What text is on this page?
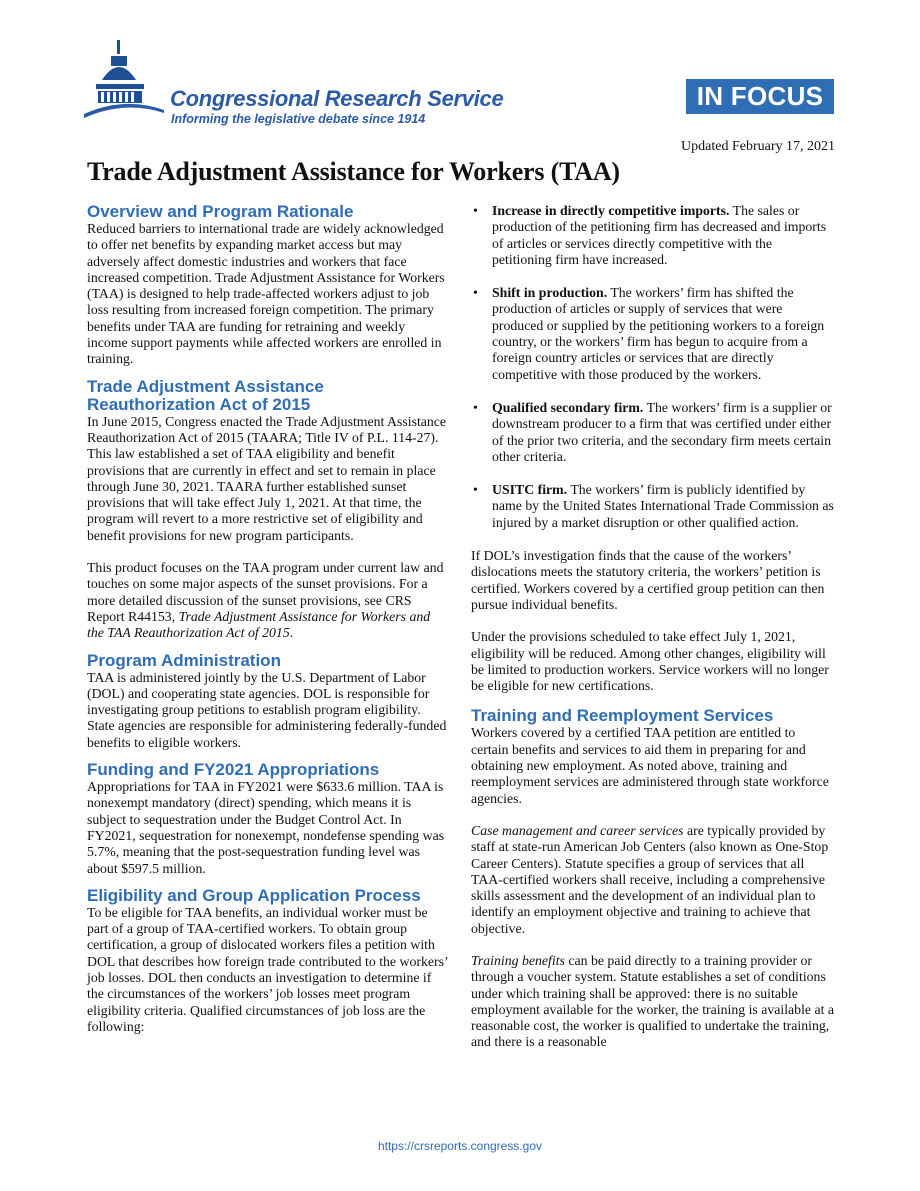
Congressional Research Service
Informing the legislative debate since 1914
IN FOCUS
Updated February 17, 2021
Trade Adjustment Assistance for Workers (TAA)
Overview and Program Rationale

Reduced barriers to international trade are widely acknowledged to offer net benefits by expanding market access but may adversely affect domestic industries and workers that face increased competition. Trade Adjustment Assistance for Workers (TAA) is designed to help trade-affected workers adjust to job loss resulting from increased foreign competition. The primary benefits under TAA are funding for retraining and weekly income support payments while affected workers are enrolled in training.

Trade Adjustment Assistance Reauthorization Act of 2015

In June 2015, Congress enacted the Trade Adjustment Assistance Reauthorization Act of 2015 (TAARA; Title IV of P.L. 114-27). This law established a set of TAA eligibility and benefit provisions that are currently in effect and set to remain in place through June 30, 2021. TAARA further established sunset provisions that will take effect July 1, 2021. At that time, the program will revert to a more restrictive set of eligibility and benefit provisions for new program participants.

This product focuses on the TAA program under current law and touches on some major aspects of the sunset provisions. For a more detailed discussion of the sunset provisions, see CRS Report R44153, Trade Adjustment Assistance for Workers and the TAA Reauthorization Act of 2015.

Program Administration

TAA is administered jointly by the U.S. Department of Labor (DOL) and cooperating state agencies. DOL is responsible for investigating group petitions to establish program eligibility. State agencies are responsible for administering federally-funded benefits to eligible workers.

Funding and FY2021 Appropriations

Appropriations for TAA in FY2021 were $633.6 million. TAA is nonexempt mandatory (direct) spending, which means it is subject to sequestration under the Budget Control Act. In FY2021, sequestration for nonexempt, nondefense spending was 5.7%, meaning that the post-sequestration funding level was about $597.5 million.

Eligibility and Group Application Process

To be eligible for TAA benefits, an individual worker must be part of a group of TAA-certified workers. To obtain group certification, a group of dislocated workers files a petition with DOL that describes how foreign trade contributed to the workers’ job losses. DOL then conducts an investigation to determine if the circumstances of the workers’ job losses meet program eligibility criteria. Qualified circumstances of job loss are the following:

• Increase in directly competitive imports. The sales or production of the petitioning firm has decreased and imports of articles or services directly competitive with the petitioning firm have increased.
• Shift in production. The workers’ firm has shifted the production of articles or supply of services that were produced or supplied by the petitioning workers to a foreign country, or the workers’ firm has begun to acquire from a foreign country articles or services that are directly competitive with those produced by the workers.
• Qualified secondary firm. The workers’ firm is a supplier or downstream producer to a firm that was certified under either of the prior two criteria, and the secondary firm meets certain other criteria.
• USITC firm. The workers’ firm is publicly identified by name by the United States International Trade Commission as injured by a market disruption or other qualified action.

If DOL’s investigation finds that the cause of the workers’ dislocations meets the statutory criteria, the workers’ petition is certified. Workers covered by a certified group petition can then pursue individual benefits.

Under the provisions scheduled to take effect July 1, 2021, eligibility will be reduced. Among other changes, eligibility will be limited to production workers. Service workers will no longer be eligible for new certifications.

Training and Reemployment Services

Workers covered by a certified TAA petition are entitled to certain benefits and services to aid them in preparing for and obtaining new employment. As noted above, training and reemployment services are administered through state workforce agencies.

Case management and career services are typically provided by staff at state-run American Job Centers (also known as One-Stop Career Centers). Statute specifies a group of services that all TAA-certified workers shall receive, including a comprehensive skills assessment and the development of an individual plan to identify an employment objective and training to achieve that objective.

Training benefits can be paid directly to a training provider or through a voucher system. Statute establishes a set of conditions under which training shall be approved: there is no suitable employment available for the worker, the training is available at a reasonable cost, the worker is qualified to undertake the training, and there is a reasonable

https://crsreports.congress.gov
